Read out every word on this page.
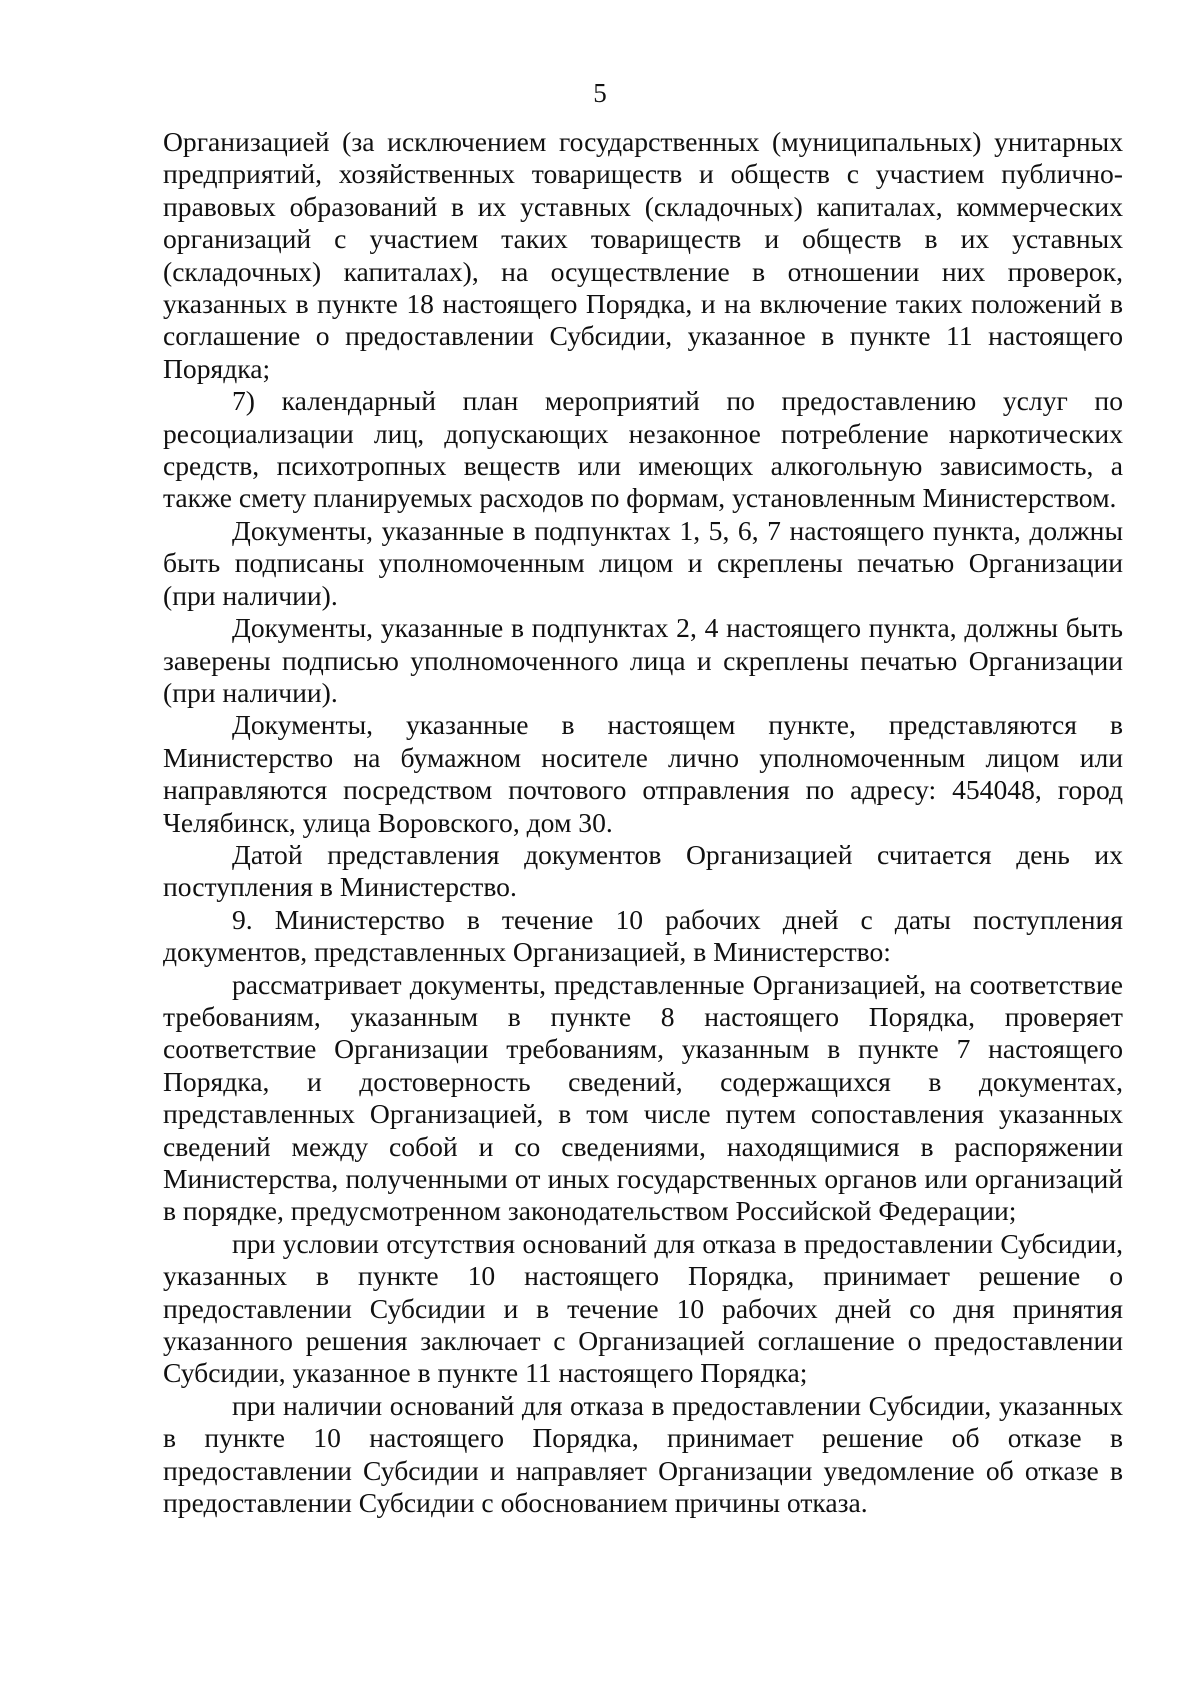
5

Организацией (за исключением государственных (муниципальных) унитарных предприятий, хозяйственных товариществ и обществ с участием публично-правовых образований в их уставных (складочных) капиталах, коммерческих организаций с участием таких товариществ и обществ в их уставных (складочных) капиталах), на осуществление в отношении них проверок, указанных в пункте 18 настоящего Порядка, и на включение таких положений в соглашение о предоставлении Субсидии, указанное в пункте 11 настоящего Порядка;

7) календарный план мероприятий по предоставлению услуг по ресоциализации лиц, допускающих незаконное потребление наркотических средств, психотропных веществ или имеющих алкогольную зависимость, а также смету планируемых расходов по формам, установленным Министерством.

Документы, указанные в подпунктах 1, 5, 6, 7 настоящего пункта, должны быть подписаны уполномоченным лицом и скреплены печатью Организации (при наличии).

Документы, указанные в подпунктах 2, 4 настоящего пункта, должны быть заверены подписью уполномоченного лица и скреплены печатью Организации (при наличии).

Документы, указанные в настоящем пункте, представляются в Министерство на бумажном носителе лично уполномоченным лицом или направляются посредством почтового отправления по адресу: 454048, город Челябинск, улица Воровского, дом 30.

Датой представления документов Организацией считается день их поступления в Министерство.

9. Министерство в течение 10 рабочих дней с даты поступления документов, представленных Организацией, в Министерство:

рассматривает документы, представленные Организацией, на соответствие требованиям, указанным в пункте 8 настоящего Порядка, проверяет соответствие Организации требованиям, указанным в пункте 7 настоящего Порядка, и достоверность сведений, содержащихся в документах, представленных Организацией, в том числе путем сопоставления указанных сведений между собой и со сведениями, находящимися в распоряжении Министерства, полученными от иных государственных органов или организаций в порядке, предусмотренном законодательством Российской Федерации;

при условии отсутствия оснований для отказа в предоставлении Субсидии, указанных в пункте 10 настоящего Порядка, принимает решение о предоставлении Субсидии и в течение 10 рабочих дней со дня принятия указанного решения заключает с Организацией соглашение о предоставлении Субсидии, указанное в пункте 11 настоящего Порядка;

при наличии оснований для отказа в предоставлении Субсидии, указанных в пункте 10 настоящего Порядка, принимает решение об отказе в предоставлении Субсидии и направляет Организации уведомление об отказе в предоставлении Субсидии с обоснованием причины отказа.
